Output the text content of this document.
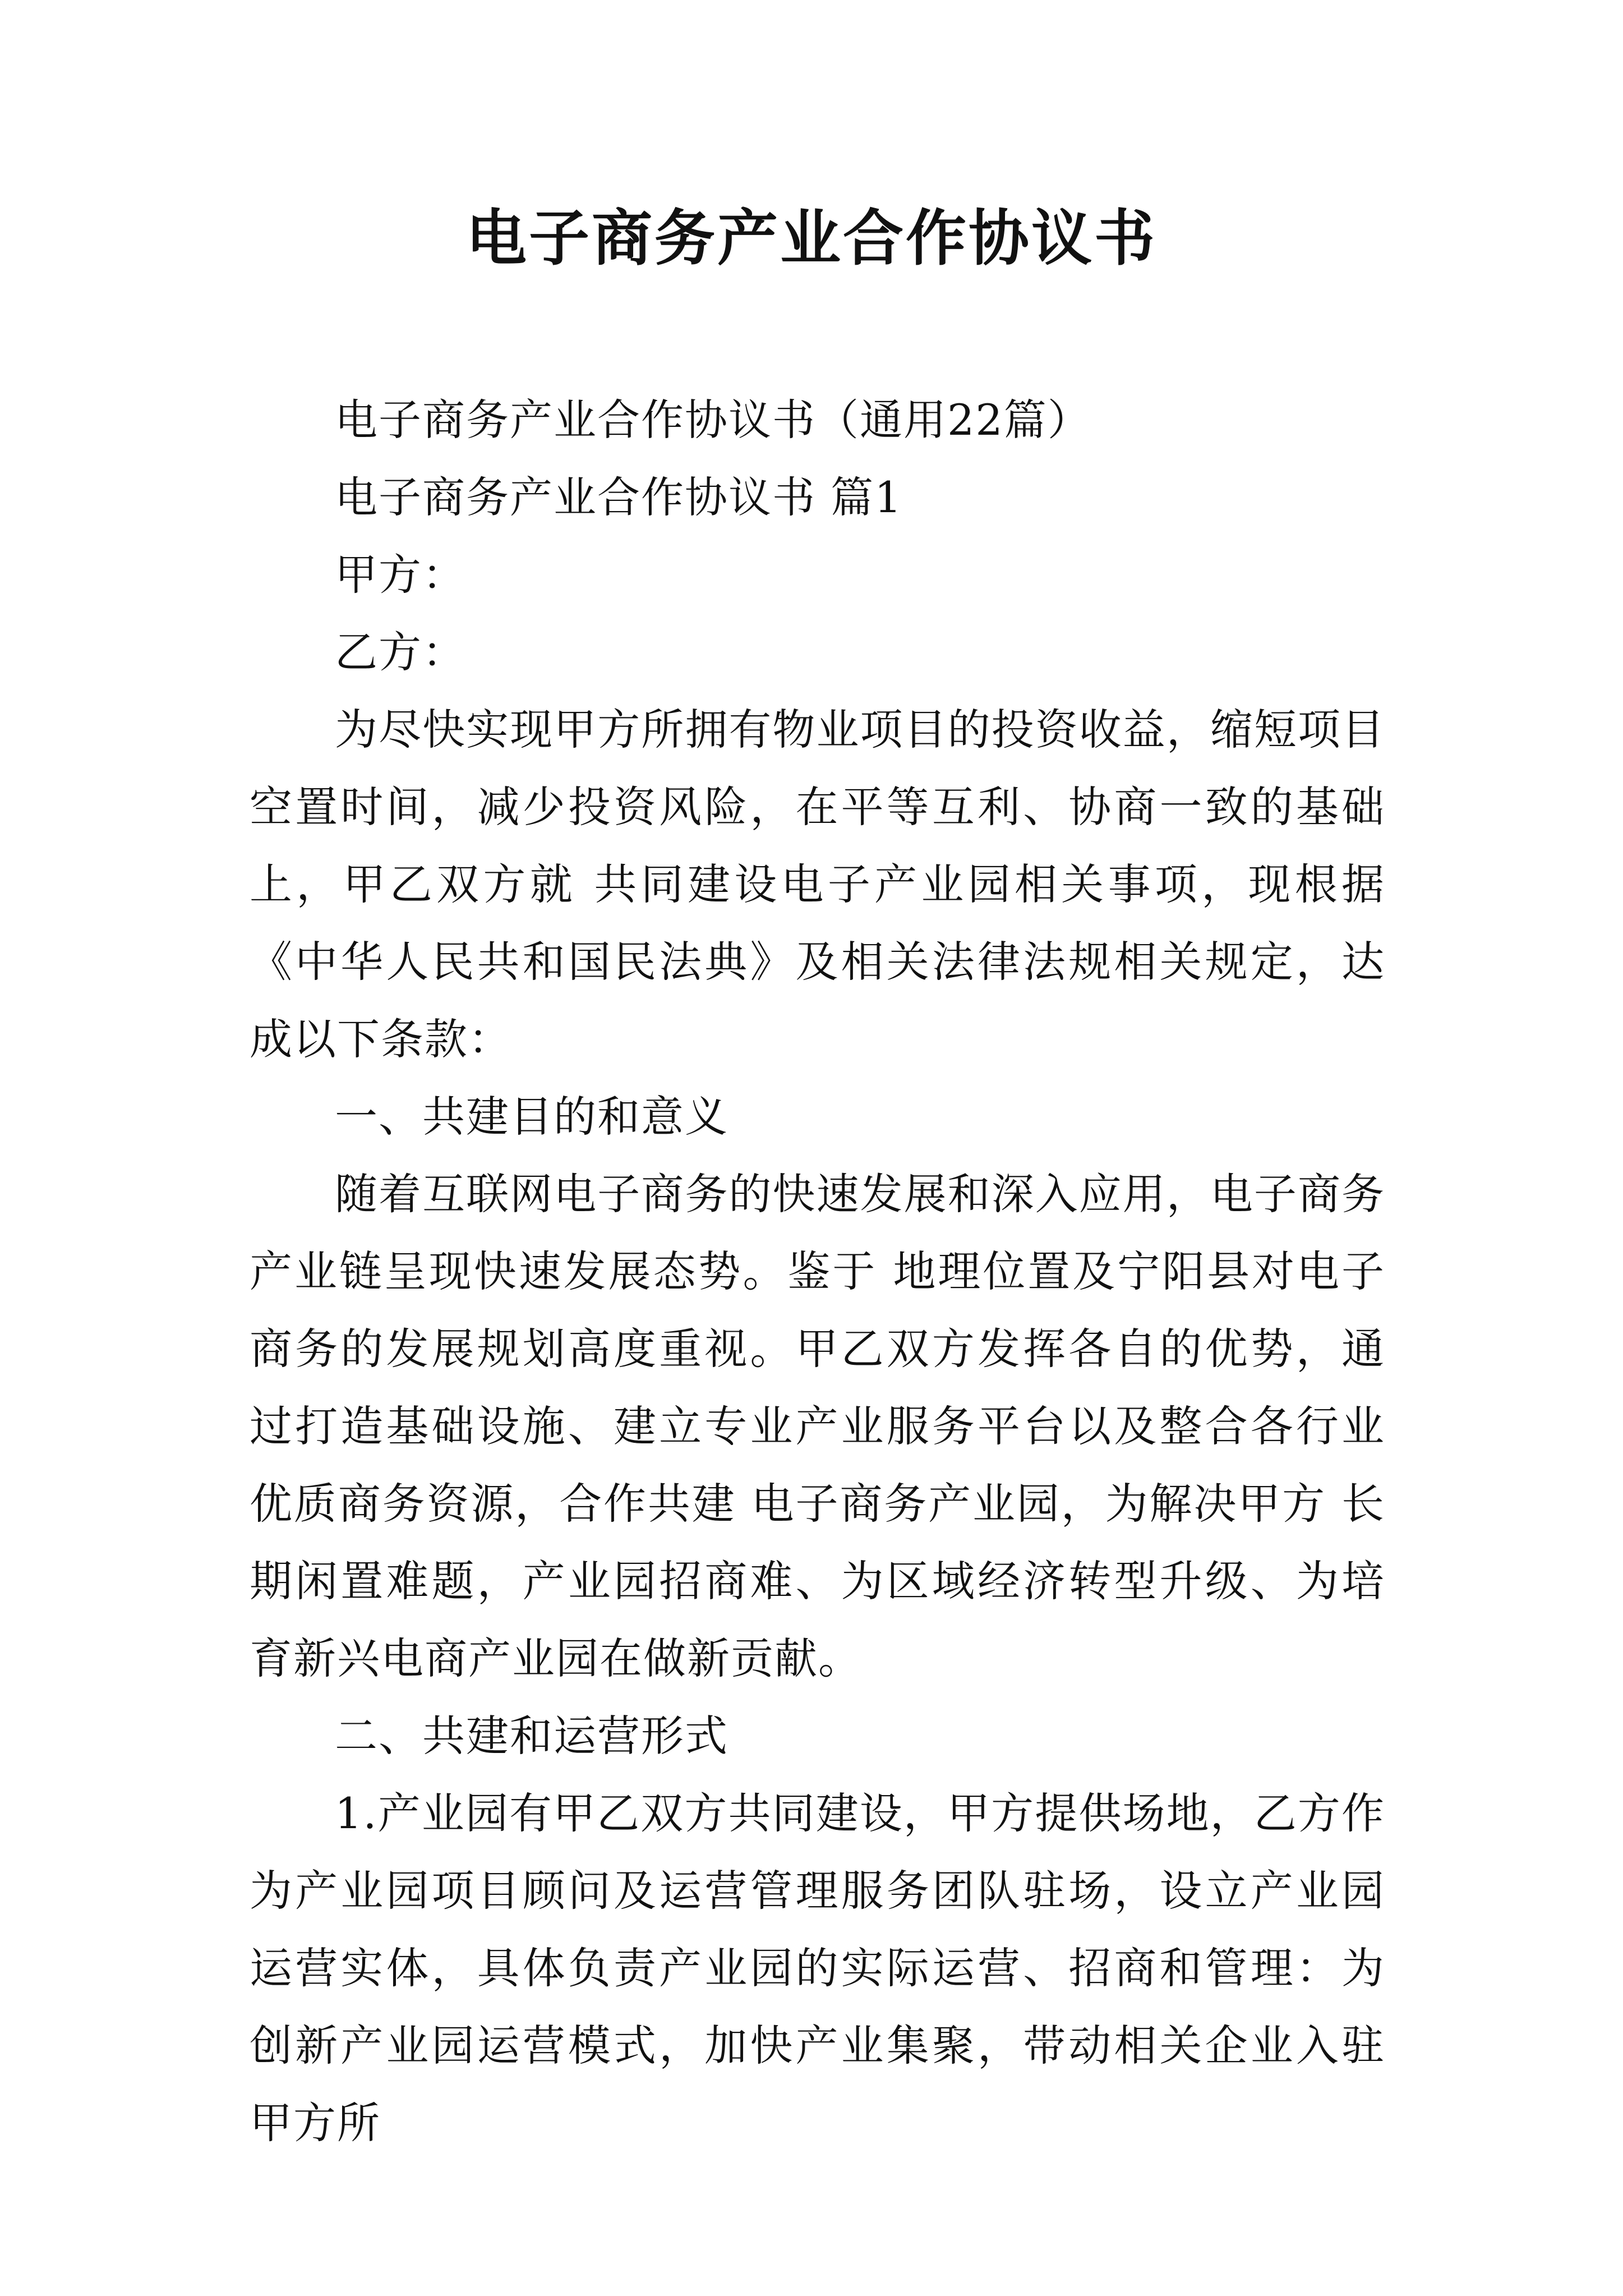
电子商务产业合作协议书

电子商务产业合作协议书（通用22篇）

电子商务产业合作协议书 篇1

甲方：

乙方：

为尽快实现甲方所拥有物业项目的投资收益，缩短项目空置时间，减少投资风险，在平等互利、协商一致的基础上，甲乙双方就 共同建设电子产业园相关事项，现根据《中华人民共和国民法典》及相关法律法规相关规定，达成以下条款：

一、共建目的和意义

随着互联网电子商务的快速发展和深入应用，电子商务产业链呈现快速发展态势。鉴于 地理位置及宁阳县对电子商务的发展规划高度重视。甲乙双方发挥各自的优势，通过打造基础设施、建立专业产业服务平台以及整合各行业优质商务资源，合作共建 电子商务产业园，为解决甲方 长期闲置难题，产业园招商难、为区域经济转型升级、为培育新兴电商产业园在做新贡献。

二、共建和运营形式

1.产业园有甲乙双方共同建设，甲方提供场地，乙方作为产业园项目顾问及运营管理服务团队驻场，设立产业园运营实体，具体负责产业园的实际运营、招商和管理：为创新产业园运营模式，加快产业集聚，带动相关企业入驻甲方所
